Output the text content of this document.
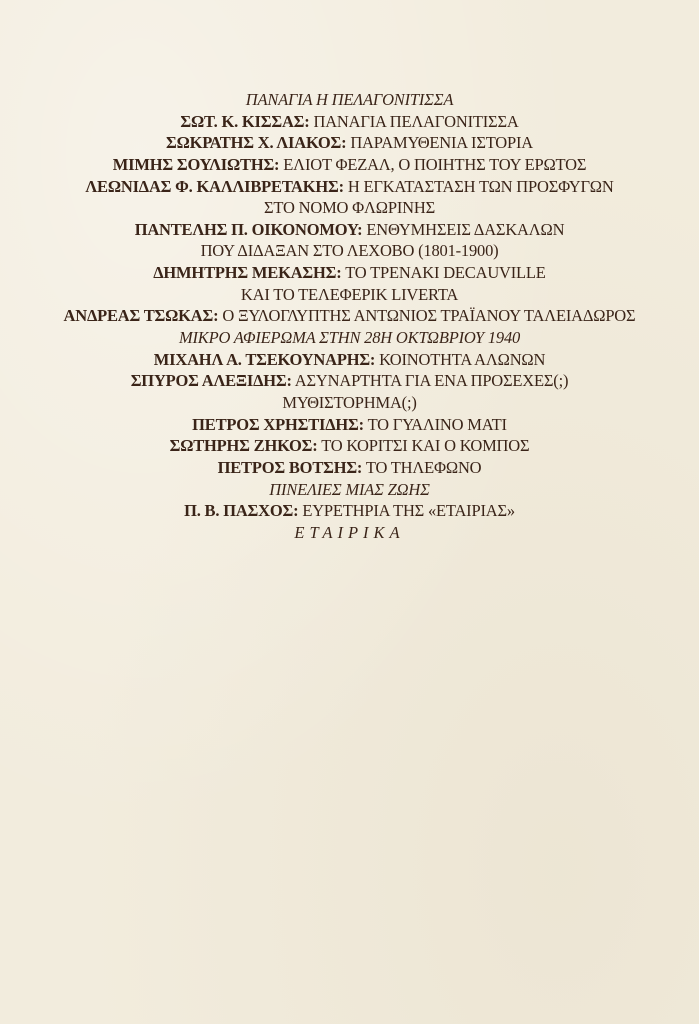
ΠΑΝΑΓΙΑ Η ΠΕΛΑΓΟΝΙΤΙΣΣΑ
ΣΩΤ. Κ. ΚΙΣΣΑΣ: ΠΑΝΑΓΙΑ ΠΕΛΑΓΟΝΙΤΙΣΣΑ
ΣΩΚΡΑΤΗΣ Χ. ΛΙΑΚΟΣ: ΠΑΡΑΜΥΘΕΝΙΑ ΙΣΤΟΡΙΑ
ΜΙΜΗΣ ΣΟΥΛΙΩΤΗΣ: ΕΛΙΟΤ ΦΕΖΑΛ, Ο ΠΟΙΗΤΗΣ ΤΟΥ ΕΡΩΤΟΣ
ΛΕΩΝΙΔΑΣ Φ. ΚΑΛΛΙΒΡΕΤΑΚΗΣ: Η ΕΓΚΑΤΑΣΤΑΣΗ ΤΩΝ ΠΡΟΣΦΥΓΩΝ
ΣΤΟ ΝΟΜΟ ΦΛΩΡΙΝΗΣ
ΠΑΝΤΕΛΗΣ Π. ΟΙΚΟΝΟΜΟΥ: ΕΝΘΥΜΗΣΕΙΣ ΔΑΣΚΑΛΩΝ
ΠΟΥ ΔΙΔΑΞΑΝ ΣΤΟ ΛΕΧΟΒΟ (1801-1900)
ΔΗΜΗΤΡΗΣ ΜΕΚΑΣΗΣ: ΤΟ ΤΡΕΝΑΚΙ DECAUVILLE
ΚΑΙ ΤΟ ΤΕΛΕΦΕΡΙΚ LIVERTA
ΑΝΔΡΕΑΣ ΤΣΩΚΑΣ: Ο ΞΥΛΟΓΛΥΠΤΗΣ ΑΝΤΩΝΙΟΣ ΤΡΑΪΑΝΟΥ ΤΑΛΕΙΑΔΩΡΟΣ
ΜΙΚΡΟ ΑΦΙΕΡΩΜΑ ΣΤΗΝ 28Η ΟΚΤΩΒΡΙΟΥ 1940
ΜΙΧΑΗΛ Α. ΤΣΕΚΟΥΝΑΡΗΣ: ΚΟΙΝΟΤΗΤΑ ΑΛΩΝΩΝ
ΣΠΥΡΟΣ ΑΛΕΞΙΔΗΣ: ΑΣΥΝΑΡΤΗΤΑ ΓΙΑ ΕΝΑ ΠΡΟΣΕΧΕΣ(;)
ΜΥΘΙΣΤΟΡΗΜΑ(;)
ΠΕΤΡΟΣ ΧΡΗΣΤΙΔΗΣ: ΤΟ ΓΥΑΛΙΝΟ ΜΑΤΙ
ΣΩΤΗΡΗΣ ΖΗΚΟΣ: ΤΟ ΚΟΡΙΤΣΙ ΚΑΙ Ο ΚΟΜΠΟΣ
ΠΕΤΡΟΣ ΒΟΤΣΗΣ: ΤΟ ΤΗΛΕΦΩΝΟ
ΠΙΝΕΛΙΕΣ ΜΙΑΣ ΖΩΗΣ
Π. Β. ΠΑΣΧΟΣ: ΕΥΡΕΤΗΡΙΑ ΤΗΣ «ΕΤΑΙΡΙΑΣ»
ΕΤΑΙΡΙΚΑ
